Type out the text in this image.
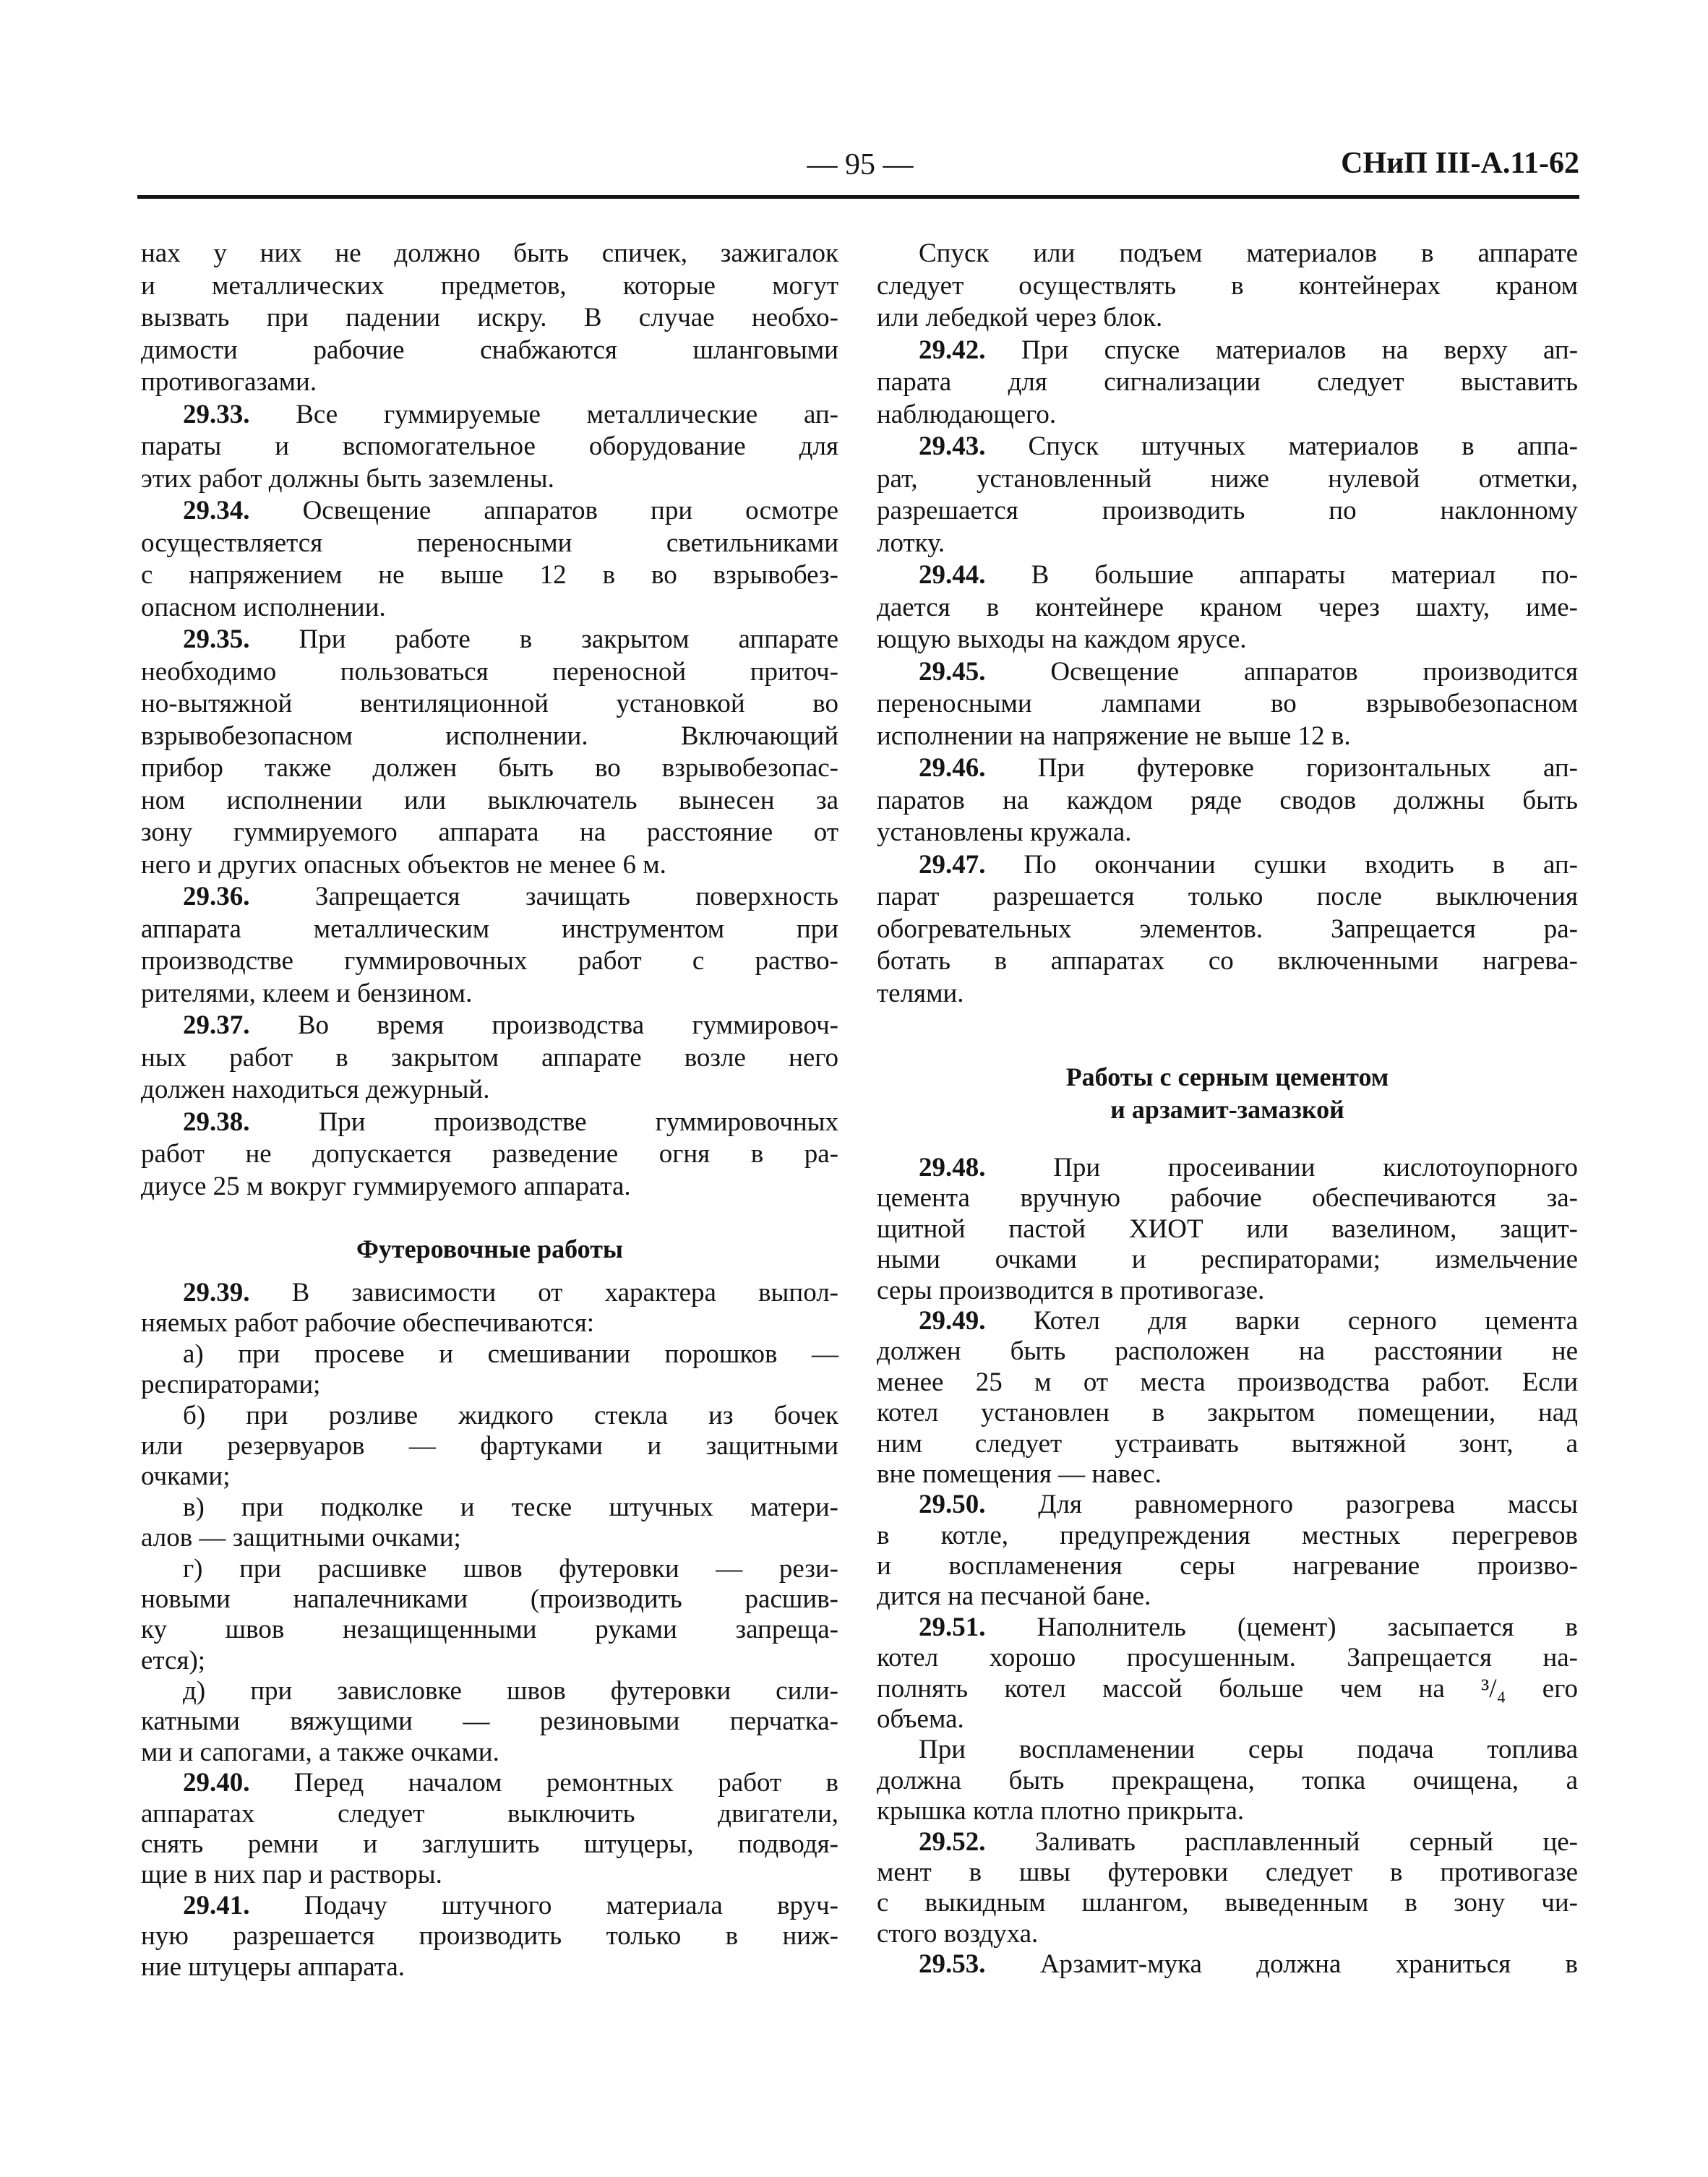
— 95 —	СНиП III-А.11-62
нах у них не должно быть спичек, зажигалок
и металлических предметов, которые могут
вызвать при падении искру. В случае необхо-
димости рабочие снабжаются шланговыми
противогазами.
29.33. Все гуммируемые металлические ап-
параты и вспомогательное оборудование для
этих работ должны быть заземлены.
29.34. Освещение аппаратов при осмотре
осуществляется переносными светильниками
с напряжением не выше 12 в во взрывобез-
опасном исполнении.
29.35. При работе в закрытом аппарате
необходимо пользоваться переносной приточ-
но-вытяжной вентиляционной установкой во
взрывобезопасном исполнении. Включающий
прибор также должен быть во взрывобезопас-
ном исполнении или выключатель вынесен за
зону гуммируемого аппарата на расстояние от
него и других опасных объектов не менее 6 м.
29.36. Запрещается зачищать поверхность
аппарата металлическим инструментом при
производстве гуммировочных работ с раство-
рителями, клеем и бензином.
29.37. Во время производства гуммировоч-
ных работ в закрытом аппарате возле него
должен находиться дежурный.
29.38.	При производстве гуммировочных
работ не допускается разведение огня в ра-
диусе 25 м вокруг гуммируемого аппарата.
Футеровочные работы
29.39. В зависимости от характера выпол-
няемых работ рабочие обеспечиваются:
а) при просеве и смешивании порошков —
респираторами;
б) при розливе жидкого стекла из бочек
или резервуаров — фартуками и защитными
очками;
в) при подколке и теске штучных матери-
алов — защитными очками;
г) при расшивке швов футеровки — рези-
новыми напалечниками (производить расшив-
ку швов незащищенными руками запреща-
ется);
д) при зависловке швов футеровки сили-
катными вяжущими — резиновыми перчатка-
ми и сапогами, а также очками.
29.40. Перед началом ремонтных работ в
аппаратах следует выключить двигатели,
снять ремни и заглушить штуцеры, подводя-
щие в них пар и растворы.
29.41. Подачу штучного материала вруч-
ную разрешается производить только в ниж-
ние штуцеры аппарата.
Спуск или подъем материалов в аппарате
следует осуществлять в контейнерах краном
или лебедкой через блок.
29.42. При спуске материалов на верху ап-
парата для сигнализации следует выставить
наблюдающего.
29.43. Спуск штучных материалов в аппа-
рат, установленный ниже нулевой отметки,
разрешается производить по наклонному
лотку.
29.44. В большие аппараты материал по-
дается в контейнере краном через шахту, име-
ющую выходы на каждом ярусе.
29.45. Освещение аппаратов производится
переносными лампами во взрывобезопасном
исполнении на напряжение не выше 12 в.
29.46. При футеровке горизонтальных ап-
паратов на каждом ряде сводов должны быть
установлены кружала.
29.47. По окончании сушки входить в ап-
парат разрешается только после выключения
обогревательных элементов. Запрещается ра-
ботать в аппаратах со включенными нагрева-
телями.
Работы с серным цементом
и арзамит-замазкой
29.48.	При просеивании кислотоупорного
цемента вручную рабочие обеспечиваются за-
щитной пастой ХИОТ или вазелином, защит-
ными очками и респираторами; измельчение
серы производится в противогазе.
29.49. Котел для варки серного цемента
должен быть расположен на расстоянии не
менее 25 м от места производства работ. Если
котел установлен в закрытом помещении, над
ним следует устраивать вытяжной зонт, а
вне помещения — навес.
29.50. Для равномерного разогрева массы
в котле, предупреждения местных перегревов
и воспламенения серы нагревание произво-
дится на песчаной бане.
29.51. Наполнитель (цемент) засыпается в
котел хорошо просушенным. Запрещается на-
полнять котел массой больше чем на ³/₄ его
объема.
При воспламенении серы подача топлива
должна быть прекращена, топка очищена, а
крышка котла плотно прикрыта.
29.52. Заливать расплавленный серный це-
мент в швы футеровки следует в противогазе
с выкидным шлангом, выведенным в зону чи-
стого воздуха.
29.53. Арзамит-мука должна храниться в
